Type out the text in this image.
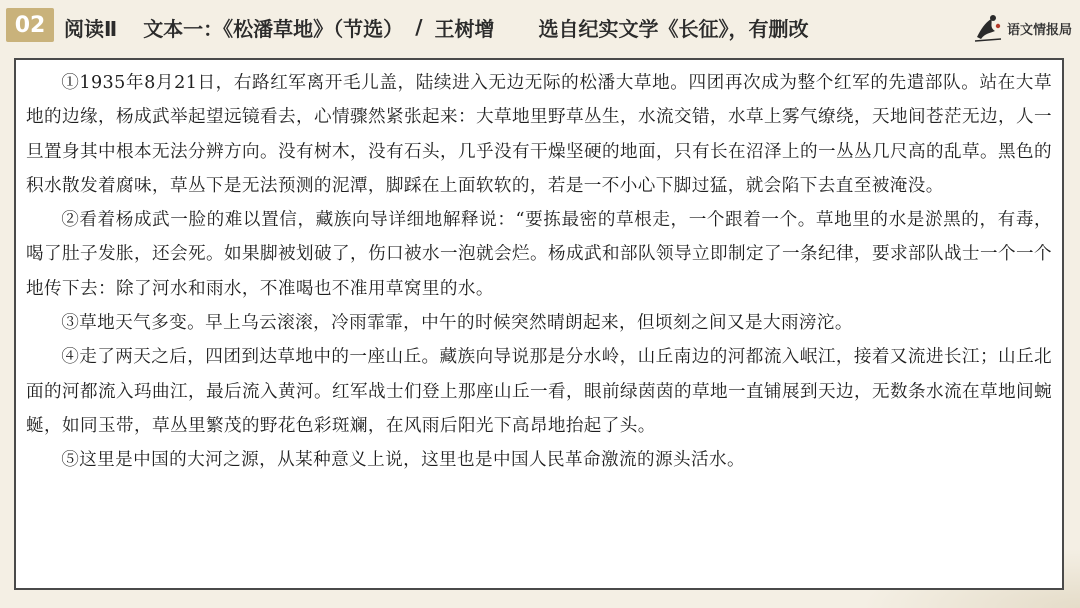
02 阅读Ⅱ 文本一：《松潘草地》（节选） / 王树增 选自纪实文学《长征》，有删改	语文情报局

①1935年8月21日，右路红军离开毛儿盖，陆续进入无边无际的松潘大草地。四团再次成为整个红军的先遣部队。站在大草地的边缘，杨成武举起望远镜看去，心情骤然紧张起来：大草地里野草丛生，水流交错，水草上雾气缭绕，天地间苍茫无边，人一旦置身其中根本无法分辨方向。没有树木，没有石头，几乎没有干燥坚硬的地面，只有长在沼泽上的一丛丛几尺高的乱草。黑色的积水散发着腐味，草丛下是无法预测的泥潭，脚踩在上面软软的，若是一不小心下脚过猛，就会陷下去直至被淹没。

②看着杨成武一脸的难以置信，藏族向导详细地解释说：“要拣最密的草根走，一个跟着一个。草地里的水是淤黑的，有毒，喝了肚子发胀，还会死。如果脚被划破了，伤口被水一泡就会烂。杨成武和部队领导立即制定了一条纪律，要求部队战士一个一个地传下去：除了河水和雨水，不准喝也不准用草窝里的水。

③草地天气多变。早上乌云滚滚，冷雨霏霏，中午的时候突然晴朗起来，但顷刻之间又是大雨滂沱。

④走了两天之后，四团到达草地中的一座山丘。藏族向导说那是分水岭，山丘南边的河都流入岷江，接着又流进长江；山丘北面的河都流入玛曲江，最后流入黄河。红军战士们登上那座山丘一看，眼前绿茵茵的草地一直铺展到天边，无数条水流在草地间蜿蜒，如同玉带，草丛里繁茂的野花色彩斑斓，在风雨后阳光下高昂地抬起了头。

⑤这里是中国的大河之源，从某种意义上说，这里也是中国人民革命激流的源头活水。
